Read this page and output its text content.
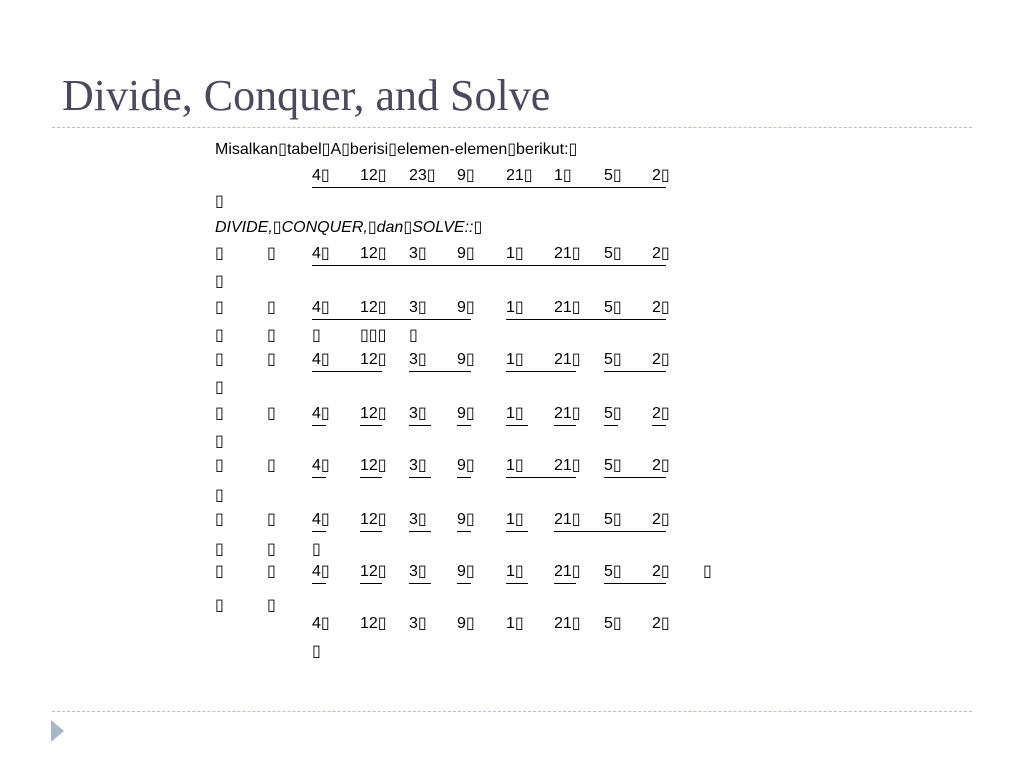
Divide, Conquer, and Solve
Misalkan▯tabel▯A▯berisi▯elemen-elemen▯berikut:▯
DIVIDE,▯CONQUER,▯dan▯SOLVE::▯
4▯ 12▯ 23▯ 9▯ 21▯ 1▯ 5▯ 2▯
4▯ 12▯ 3▯ 9▯ 1▯ 21▯ 5▯ 2▯
▯	▯
4▯ 12▯ 3▯ 9▯ 1▯ 21▯ 5▯ 2▯
▯	▯
4▯ 12▯ 3▯ 9▯ 1▯ 21▯ 5▯ 2▯
▯	▯
4▯ 12▯ 3▯ 9▯ 1▯ 21▯ 5▯ 2▯
▯	▯
4▯ 12▯ 3▯ 9▯ 1▯ 21▯ 5▯ 2▯
▯	▯
4▯ 12▯ 3▯ 9▯ 1▯ 21▯ 5▯ 2▯
▯	▯
4▯ 12▯ 3▯ 9▯ 1▯ 21▯ 5▯ 2▯
▯	▯
4▯ 12▯ 3▯ 9▯ 1▯ 21▯ 5▯ 2▯
▯
▯
▯
▯	▯ ▯	▯
▯
▯
▯
▯	▯ ▯
▯	▯
▯
▯▯▯
